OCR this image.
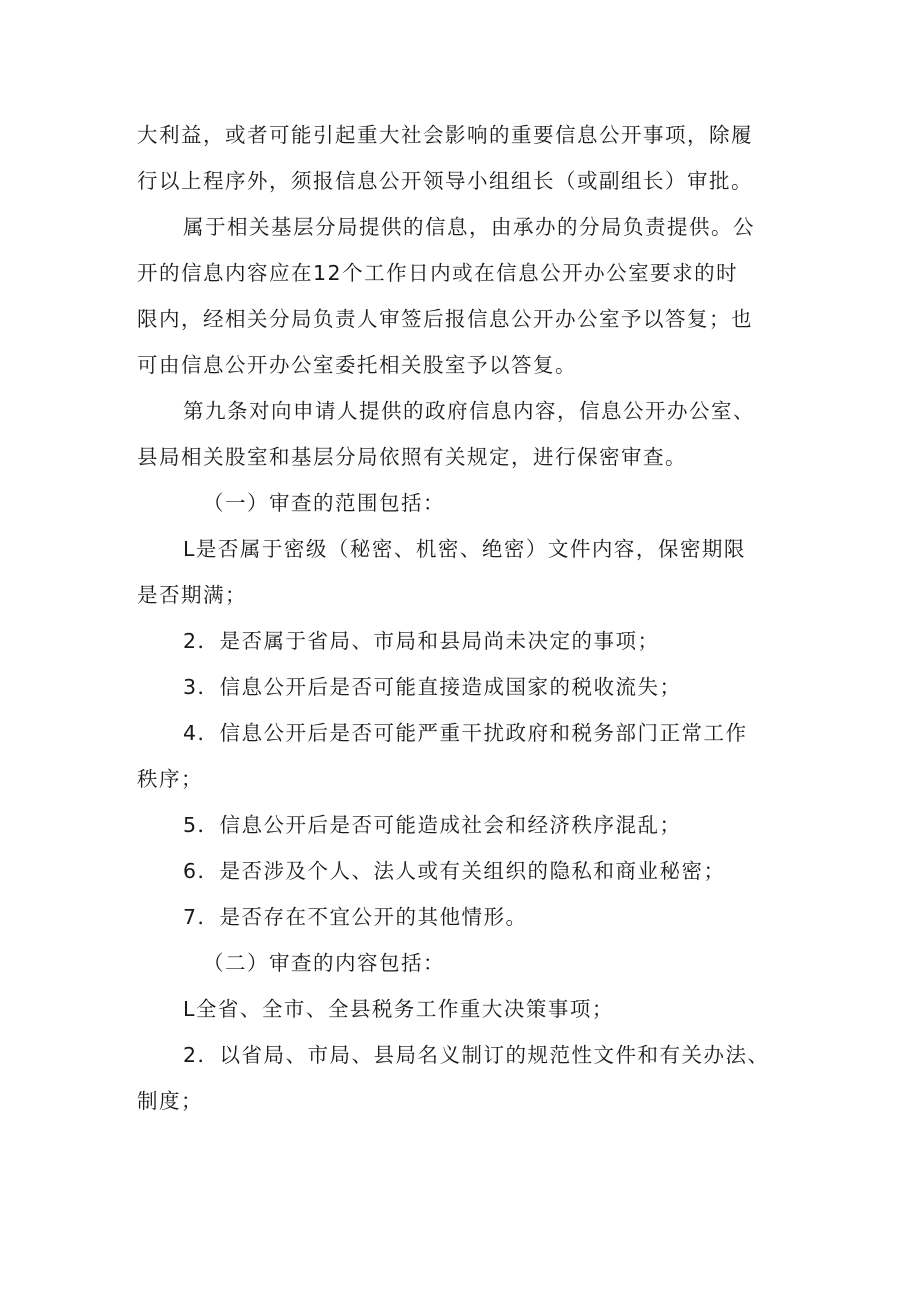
大利益，或者可能引起重大社会影响的重要信息公开事项，除履

行以上程序外，须报信息公开领导小组组长（或副组长）审批。

属于相关基层分局提供的信息，由承办的分局负责提供。公

开的信息内容应在12个工作日内或在信息公开办公室要求的时

限内，经相关分局负责人审签后报信息公开办公室予以答复；也

可由信息公开办公室委托相关股室予以答复。

第九条对向申请人提供的政府信息内容，信息公开办公室、

县局相关股室和基层分局依照有关规定，进行保密审查。

（一）审查的范围包括：

L是否属于密级（秘密、机密、绝密）文件内容，保密期限

是否期满；

2．是否属于省局、市局和县局尚未决定的事项；

3．信息公开后是否可能直接造成国家的税收流失；

4．信息公开后是否可能严重干扰政府和税务部门正常工作

秩序；

5．信息公开后是否可能造成社会和经济秩序混乱；

6．是否涉及个人、法人或有关组织的隐私和商业秘密；

7．是否存在不宜公开的其他情形。

（二）审查的内容包括：

L全省、全市、全县税务工作重大决策事项；

2．以省局、市局、县局名义制订的规范性文件和有关办法、

制度；
